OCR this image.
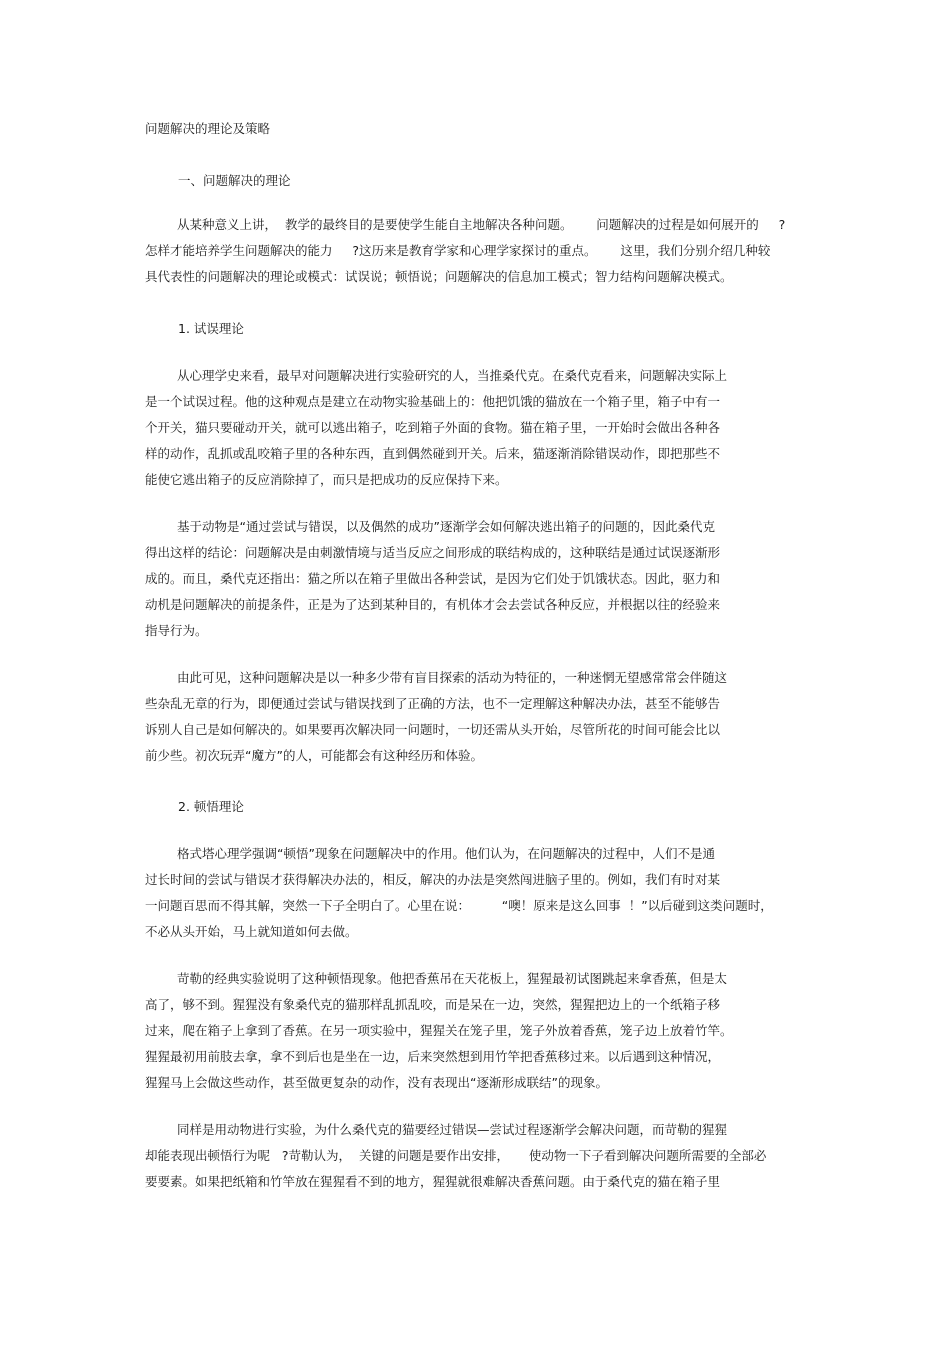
问题解决的理论及策略
一、问题解决的理论
从某种意义上讲，  教学的最终目的是要使学生能自主地解决各种问题。      问题解决的过程是如何展开的     ?
怎样才能培养学生问题解决的能力     ?这历来是教育学家和心理学家探讨的重点。      这里，我们分别介绍几种较
具代表性的问题解决的理论或模式：试误说；顿悟说；问题解决的信息加工模式；智力结构问题解决模式。
1. 试误理论
从心理学史来看，最早对问题解决进行实验研究的人，当推桑代克。在桑代克看来，问题解决实际上
是一个试误过程。他的这种观点是建立在动物实验基础上的：他把饥饿的猫放在一个箱子里，箱子中有一
个开关，猫只要碰动开关，就可以逃出箱子，吃到箱子外面的食物。猫在箱子里，一开始时会做出各种各
样的动作，乱抓或乱咬箱子里的各种东西，直到偶然碰到开关。后来，猫逐渐消除错误动作，即把那些不
能使它逃出箱子的反应消除掉了，而只是把成功的反应保持下来。
基于动物是“通过尝试与错误，以及偶然的成功”逐渐学会如何解决逃出箱子的问题的，因此桑代克
得出这样的结论：问题解决是由刺激情境与适当反应之间形成的联结构成的，这种联结是通过试误逐渐形
成的。而且，桑代克还指出：猫之所以在箱子里做出各种尝试，是因为它们处于饥饿状态。因此，驱力和
动机是问题解决的前提条件，正是为了达到某种目的，有机体才会去尝试各种反应，并根据以往的经验来
指导行为。
由此可见，这种问题解决是以一种多少带有盲目探索的活动为特征的，一种迷惘无望感常常会伴随这
些杂乱无章的行为，即便通过尝试与错误找到了正确的方法，也不一定理解这种解决办法，甚至不能够告
诉别人自己是如何解决的。如果要再次解决同一问题时，一切还需从头开始，尽管所花的时间可能会比以
前少些。初次玩弄“魔方”的人，可能都会有这种经历和体验。
2. 顿悟理论
格式塔心理学强调“顿悟”现象在问题解决中的作用。他们认为，在问题解决的过程中，人们不是通
过长时间的尝试与错误才获得解决办法的，相反，解决的办法是突然闯进脑子里的。例如，我们有时对某
一问题百思而不得其解，突然一下子全明白了。心里在说：        “噢！原来是这么回事  ！”以后碰到这类问题时，
不必从头开始，马上就知道如何去做。
苛勒的经典实验说明了这种顿悟现象。他把香蕉吊在天花板上，猩猩最初试图跳起来拿香蕉，但是太
高了，够不到。猩猩没有象桑代克的猫那样乱抓乱咬，而是呆在一边，突然，猩猩把边上的一个纸箱子移
过来，爬在箱子上拿到了香蕉。在另一项实验中，猩猩关在笼子里，笼子外放着香蕉，笼子边上放着竹竿。
猩猩最初用前肢去拿，拿不到后也是坐在一边，后来突然想到用竹竿把香蕉移过来。以后遇到这种情况，
猩猩马上会做这些动作，甚至做更复杂的动作，没有表现出“逐渐形成联结”的现象。
同样是用动物进行实验，为什么桑代克的猫要经过错误—尝试过程逐渐学会解决问题，而苛勒的猩猩
却能表现出顿悟行为呢   ?苛勒认为，  关键的问题是要作出安排，     使动物一下子看到解决问题所需要的全部必
要要素。如果把纸箱和竹竿放在猩猩看不到的地方，猩猩就很难解决香蕉问题。由于桑代克的猫在箱子里
